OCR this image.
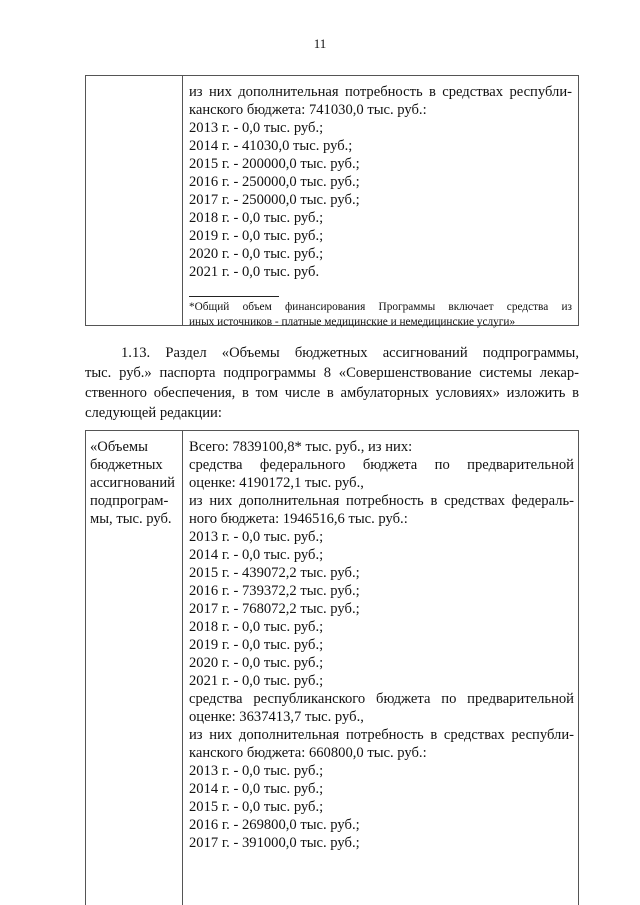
11
из них дополнительная потребность в средствах республи-
канского бюджета: 741030,0 тыс. руб.:
2013 г. - 0,0 тыс. руб.;
2014 г. - 41030,0 тыс. руб.;
2015 г. - 200000,0 тыс. руб.;
2016 г. - 250000,0 тыс. руб.;
2017 г. - 250000,0 тыс. руб.;
2018 г. - 0,0 тыс. руб.;
2019 г. - 0,0 тыс. руб.;
2020 г. - 0,0 тыс. руб.;
2021 г. - 0,0 тыс. руб.
*Общий объем финансирования Программы включает средства из
иных источников - платные медицинские и немедицинские услуги»
1.13. Раздел «Объемы бюджетных ассигнований подпрограммы,
тыс. руб.» паспорта подпрограммы 8 «Совершенствование системы лекар-
ственного обеспечения, в том числе в амбулаторных условиях» изложить в
следующей редакции:
«Объемы
бюджетных
ассигнований
подпрограм-
мы, тыс. руб.
Всего: 7839100,8* тыс. руб., из них:
средства федерального бюджета по предварительной
оценке: 4190172,1 тыс. руб.,
из них дополнительная потребность в средствах федераль-
ного бюджета: 1946516,6 тыс. руб.:
2013 г. - 0,0 тыс. руб.;
2014 г. - 0,0 тыс. руб.;
2015 г. - 439072,2 тыс. руб.;
2016 г. - 739372,2 тыс. руб.;
2017 г. - 768072,2 тыс. руб.;
2018 г. - 0,0 тыс. руб.;
2019 г. - 0,0 тыс. руб.;
2020 г. - 0,0 тыс. руб.;
2021 г. - 0,0 тыс. руб.;
средства республиканского бюджета по предварительной
оценке: 3637413,7 тыс. руб.,
из них дополнительная потребность в средствах республи-
канского бюджета: 660800,0 тыс. руб.:
2013 г. - 0,0 тыс. руб.;
2014 г. - 0,0 тыс. руб.;
2015 г. - 0,0 тыс. руб.;
2016 г. - 269800,0 тыс. руб.;
2017 г. - 391000,0 тыс. руб.;
